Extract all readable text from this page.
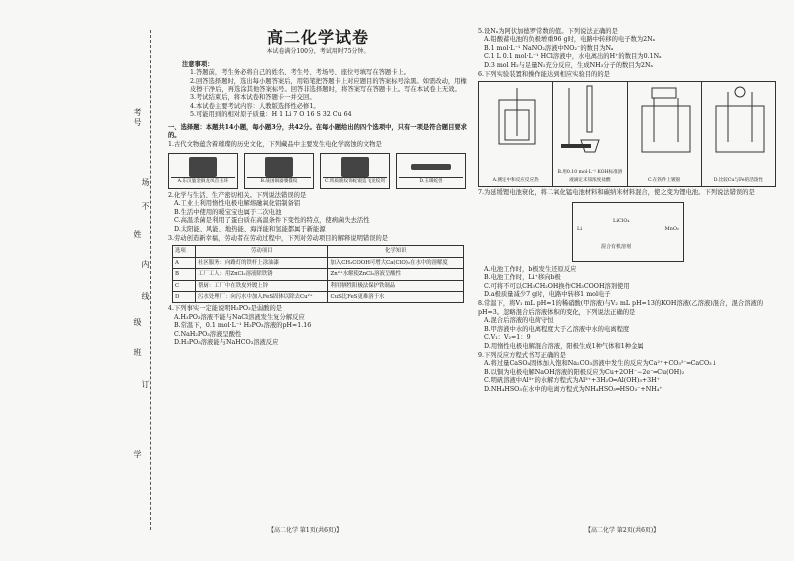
号
考
场
不
姓
内
线
级
班
订
学
高二化学试卷
本试卷满分100分，考试用时75分钟。
注意事项：
1.答题前，考生务必将自己的姓名、考生号、考场号、座位号填写在答题卡上。
2.回答选择题时，选出每小题答案后，用铅笔把答题卡上对应题目的答案标号涂黑。如需改动，用橡皮擦干净后，再选涂其他答案标号。回答非选择题时，将答案写在答题卡上。写在本试卷上无效。
3.考试结束后，将本试卷和答题卡一并交回。
4.本试卷主要考试内容：人教版选择性必修1。
5.可能用到的相对原子质量：H 1 Li 7 O 16 S 32 Cu 64
一、选择题：本题共14小题，每小题3分，共42分。在每小题给出的四个选项中，只有一项是符合题目要求的。
1.古代文物蕴含着璀璨的历史文化，下列藏品中主要发生电化学腐蚀的文物是
A.东汉鎏金铜龙凤首玉环	B.战国铜器饕餮纹	C.铁质鹿纹饰蛇锻造飞龙纹剑	D.玉璜蛇兽
2.化学与生活、生产密切相关。下列说法错误的是
A.工业上利用惰性电极电解熔融氧化铝制备铝
B.生活中使用的暖宝宝也属于二次电池
C.高温杀菌是利用了蛋白质在高温条件下变性的特点，使病菌失去活性
D.太阳能、风能、地热能、海洋能和氢能都属于新能源
3.劳动创造新幸福，劳动者在劳动过程中，下列对劳动项目的解释说明错误的是
选项	劳动项目	化学知识
A	社区服务：向路灯的铁杆上涂油漆	加入CH₃COOH可增大Ca(ClO)₂在水中的溶解度
B	工厂工人：用ZnCl₂溶液除铁锈	Zn²⁺水解使ZnCl₂溶液呈酸性
C	帮厨：工厂中在铁皮外镀上锌	利用牺牲阳极法保护铁制品
D	污水处理厂：向污水中加入FeS固体以除去Cu²⁺	CuS比FeS更难溶于水
4.下列事实一定能说明H₃PO₃是弱酸的是
A.H₃PO₃溶液不能与NaCl溶液发生复分解反应
B.常温下，0.1 mol·L⁻¹ H₃PO₃溶液的pH≈1.16
C.NaH₂PO₃溶液呈酸性
D.H₃PO₃溶液能与NaHCO₃溶液反应
【高二化学 第1页(共6页)】
5.设Nₐ为阿伏加德罗常数的值。下列说法正确的是
A.铅酸蓄电池的负极增重96 g时，电路中转移的电子数为2Nₐ
B.1 mol·L⁻¹ NaNO₂溶液中NO₂⁻的数目为Nₐ
C.1 L 0.1 mol·L⁻¹ HCl溶液中，水电离出的H⁺的数目为0.1Nₐ
D.3 mol H₂与足量N₂充分反应，生成NH₃分子的数目为2Nₐ
6.下列实验装置和操作能达到相应实验目的的是
A.测定中和反应反应热
B.用0.10 mol·L⁻¹ KOH标准溶液滴定未知浓度盐酸	C.在铁件上镀银	D.比较Cu与Fe的活泼性
7.为延缓锂电池衰化，将二氧化锰电池材料和碳纳米材料混合，使之变为锂电池。下列说法错误的是
Li
LiClO₄
MnO₂
混合有机溶剂
A.电池工作时，b极发生还原反应
B.电池工作时，Li⁺移向b极
C.可将不可以CH₃CH₂OH换作CH₃COOH溶剂使用
D.a极质量减少7 g时，电路中转移1 mol电子
8.常温下，将V₁ mL pH=1的稀硝酸(甲溶液)与V₂ mL pH=13的KOH溶液(乙溶液)混合，混合溶液的pH=3。忽略混合后溶液体积的变化，下列说法正确的是
A.混合后溶液的电荷守恒
B.甲溶液中水的电离程度大于乙溶液中水的电离程度
C.V₁：V₂=1：9
D.用惰性电极电解混合溶液，阳极生成1种气体和1种金属
9.下列反应方程式书写正确的是
A.将过量CaSO₄固体加入饱和Na₂CO₃溶液中发生的反应为Ca²⁺+CO₃²⁻═CaCO₃↓
B.以铜为电极电解NaOH溶液的阳极反应为Cu+2OH⁻−2e⁻═Cu(OH)₂
C.明矾溶液中Al³⁺的水解方程式为Al³⁺+3H₂O═Al(OH)₃+3H⁺
D.NH₄HSO₃在水中的电离方程式为NH₄HSO₃═HSO₃⁻+NH₄⁺
【高二化学 第2页(共6页)】
